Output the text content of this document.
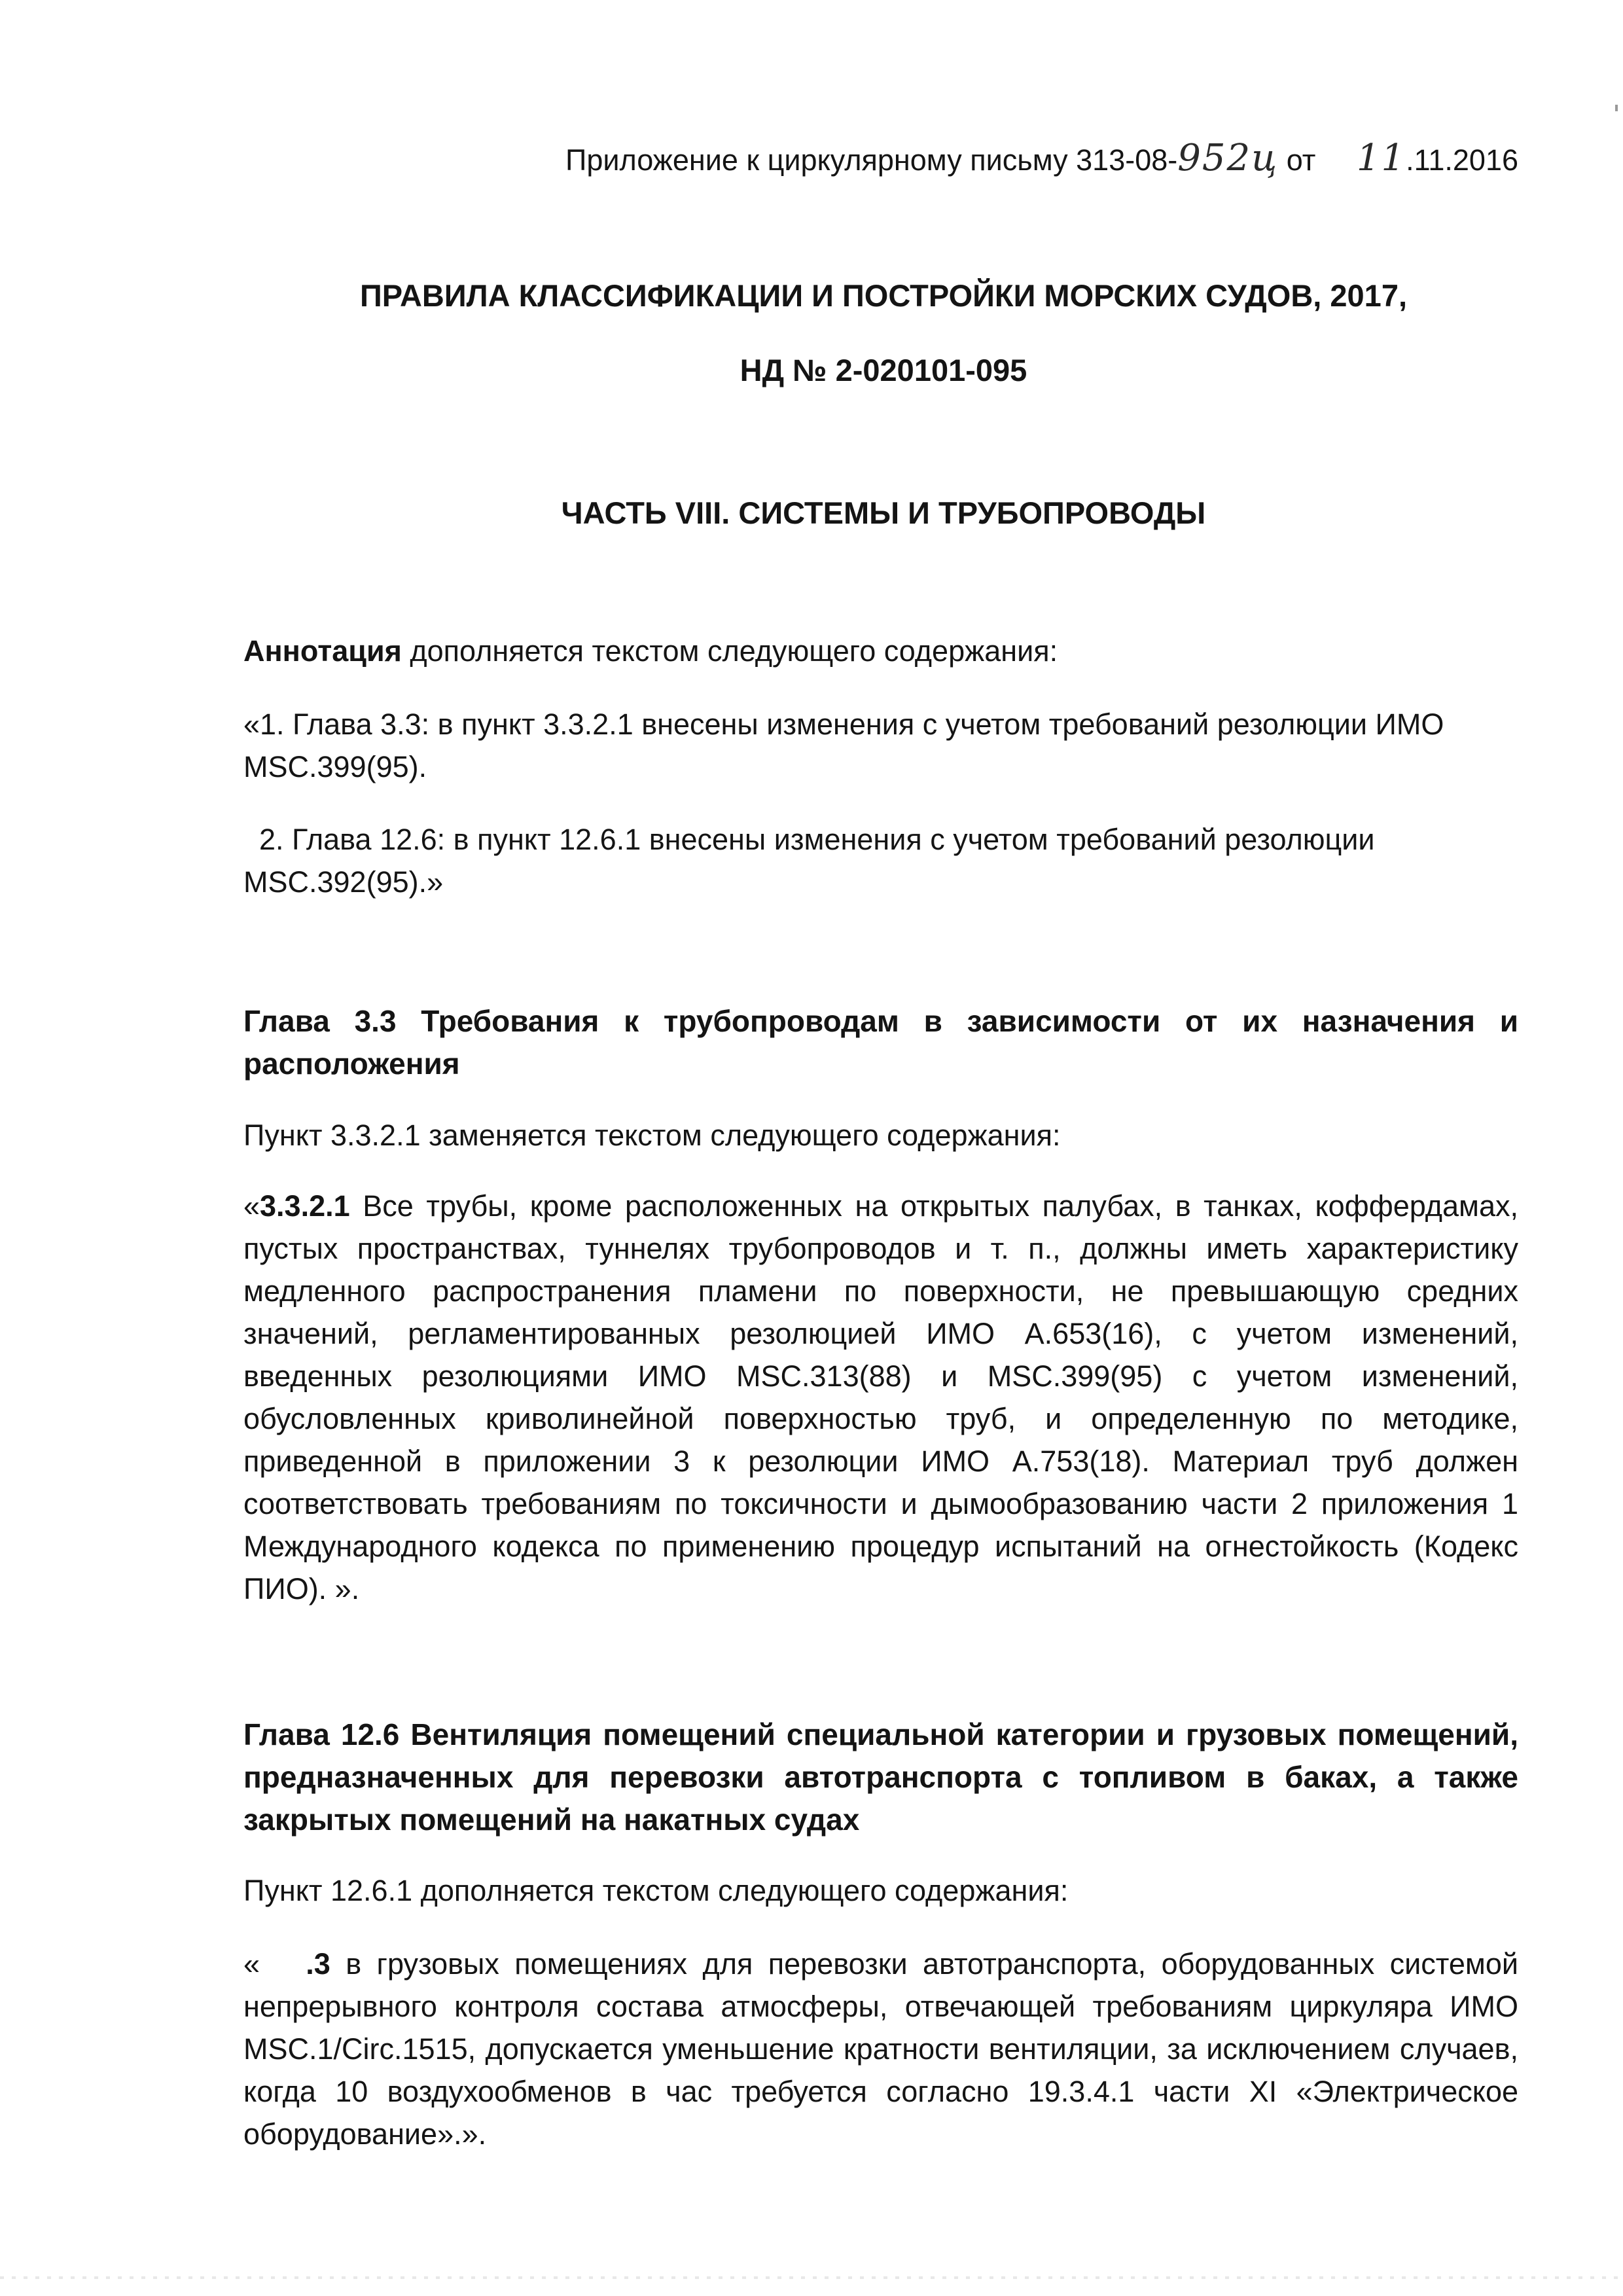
Приложение к циркулярному письму 313-08-952ц от 11.11.2016
ПРАВИЛА КЛАССИФИКАЦИИ И ПОСТРОЙКИ МОРСКИХ СУДОВ, 2017,
НД № 2-020101-095
ЧАСТЬ VIII. СИСТЕМЫ И ТРУБОПРОВОДЫ
Аннотация дополняется текстом следующего содержания:
«1. Глава 3.3: в пункт 3.3.2.1 внесены изменения с учетом требований резолюции ИМО MSC.399(95).
2. Глава 12.6: в пункт 12.6.1 внесены изменения с учетом требований резолюции MSC.392(95).»
Глава 3.3 Требования к трубопроводам в зависимости от их назначения и расположения
Пункт 3.3.2.1 заменяется текстом следующего содержания:
«3.3.2.1 Все трубы, кроме расположенных на открытых палубах, в танках, коффердамах, пустых пространствах, туннелях трубопроводов и т. п., должны иметь характеристику медленного распространения пламени по поверхности, не превышающую средних значений, регламентированных резолюцией ИМО А.653(16), с учетом изменений, введенных резолюциями ИМО MSC.313(88) и MSC.399(95) с учетом изменений, обусловленных криволинейной поверхностью труб, и определенную по методике, приведенной в приложении 3 к резолюции ИМО А.753(18). Материал труб должен соответствовать требованиям по токсичности и дымообразованию части 2 приложения 1 Международного кодекса по применению процедур испытаний на огнестойкость (Кодекс ПИО). ».
Глава 12.6 Вентиляция помещений специальной категории и грузовых помещений, предназначенных для перевозки автотранспорта с топливом в баках, а также закрытых помещений на накатных судах
Пункт 12.6.1 дополняется текстом следующего содержания:
«   .3 в грузовых помещениях для перевозки автотранспорта, оборудованных системой непрерывного контроля состава атмосферы, отвечающей требованиям циркуляра ИМО MSC.1/Circ.1515, допускается уменьшение кратности вентиляции, за исключением случаев, когда 10 воздухообменов в час требуется согласно 19.3.4.1 части XI «Электрическое оборудование».».
